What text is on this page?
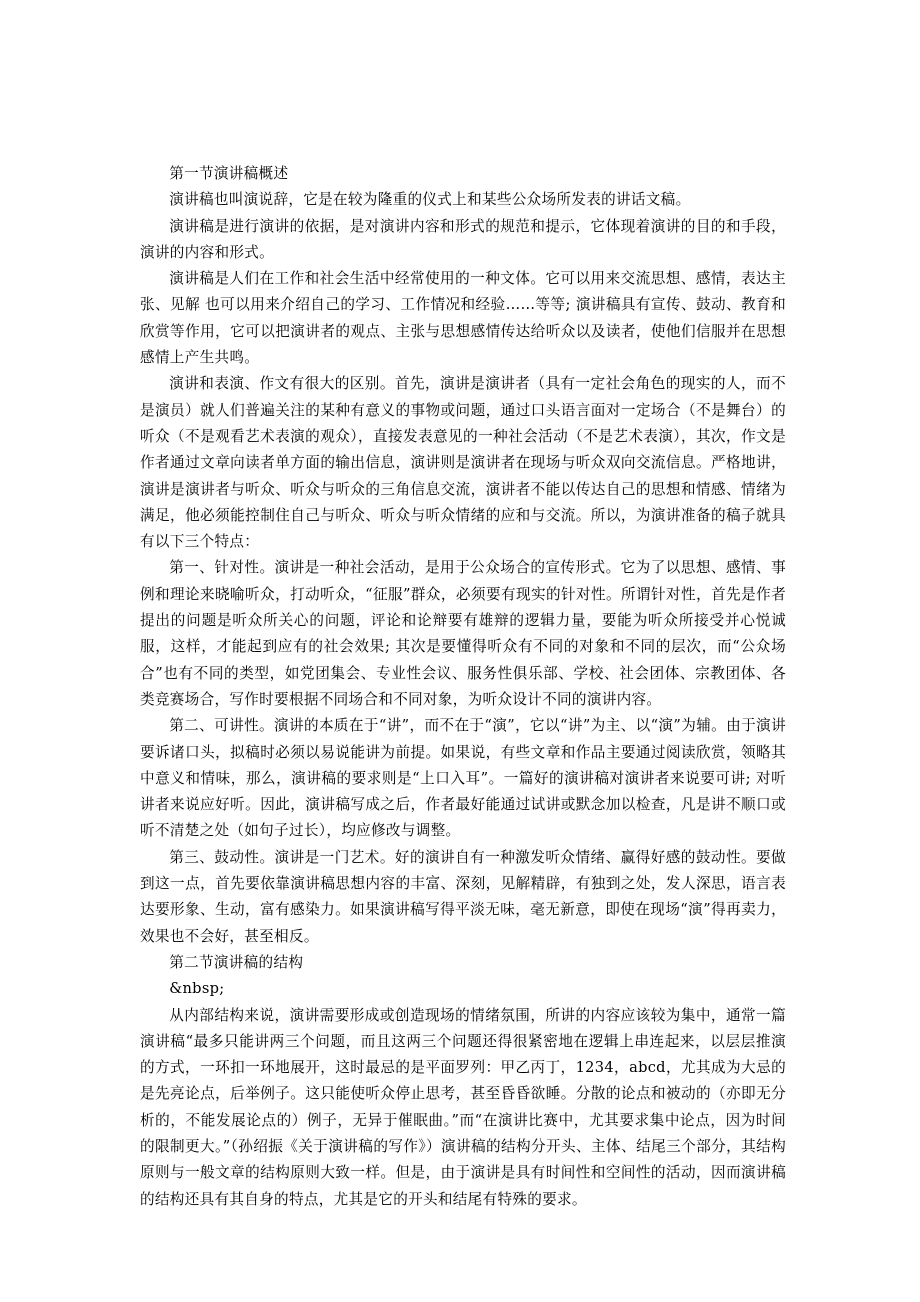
第一节演讲稿概述

演讲稿也叫演说辞，它是在较为隆重的仪式上和某些公众场所发表的讲话文稿。

演讲稿是进行演讲的依据，是对演讲内容和形式的规范和提示，它体现着演讲的目的和手段，演讲的内容和形式。

演讲稿是人们在工作和社会生活中经常使用的一种文体。它可以用来交流思想、感情，表达主张、见解 也可以用来介绍自己的学习、工作情况和经验……等等; 演讲稿具有宣传、鼓动、教育和欣赏等作用，它可以把演讲者的观点、主张与思想感情传达给听众以及读者，使他们信服并在思想感情上产生共鸣。

演讲和表演、作文有很大的区别。首先，演讲是演讲者（具有一定社会角色的现实的人，而不是演员）就人们普遍关注的某种有意义的事物或问题，通过口头语言面对一定场合（不是舞台）的听众（不是观看艺术表演的观众），直接发表意见的一种社会活动（不是艺术表演），其次，作文是作者通过文章向读者单方面的输出信息，演讲则是演讲者在现场与听众双向交流信息。严格地讲，演讲是演讲者与听众、听众与听众的三角信息交流，演讲者不能以传达自己的思想和情感、情绪为满足，他必须能控制住自己与听众、听众与听众情绪的应和与交流。所以，为演讲准备的稿子就具有以下三个特点：

第一、针对性。演讲是一种社会活动，是用于公众场合的宣传形式。它为了以思想、感情、事例和理论来晓喻听众，打动听众，“征服”群众，必须要有现实的针对性。所谓针对性，首先是作者提出的问题是听众所关心的问题，评论和论辩要有雄辩的逻辑力量，要能为听众所接受并心悦诚服，这样，才能起到应有的社会效果; 其次是要懂得听众有不同的对象和不同的层次，而“公众场合”也有不同的类型，如党团集会、专业性会议、服务性俱乐部、学校、社会团体、宗教团体、各类竞赛场合，写作时要根据不同场合和不同对象，为听众设计不同的演讲内容。

第二、可讲性。演讲的本质在于“讲”，而不在于“演”，它以“讲”为主、以“演”为辅。由于演讲要诉诸口头，拟稿时必须以易说能讲为前提。如果说，有些文章和作品主要通过阅读欣赏，领略其中意义和情味，那么，演讲稿的要求则是“上口入耳”。一篇好的演讲稿对演讲者来说要可讲; 对听讲者来说应好听。因此，演讲稿写成之后，作者最好能通过试讲或默念加以检查，凡是讲不顺口或听不清楚之处（如句子过长），均应修改与调整。

第三、鼓动性。演讲是一门艺术。好的演讲自有一种激发听众情绪、赢得好感的鼓动性。要做到这一点，首先要依靠演讲稿思想内容的丰富、深刻，见解精辟，有独到之处，发人深思，语言表达要形象、生动，富有感染力。如果演讲稿写得平淡无味，毫无新意，即使在现场“演”得再卖力，效果也不会好，甚至相反。

第二节演讲稿的结构

&nbsp;

从内部结构来说，演讲需要形成或创造现场的情绪氛围，所讲的内容应该较为集中，通常一篇演讲稿“最多只能讲两三个问题，而且这两三个问题还得很紧密地在逻辑上串连起来，以层层推演的方式，一环扣一环地展开，这时最忌的是平面罗列：甲乙丙丁，1234，abcd，尤其成为大忌的是先亮论点，后举例子。这只能使听众停止思考，甚至昏昏欲睡。分散的论点和被动的（亦即无分析的，不能发展论点的）例子，无异于催眠曲。”而“在演讲比赛中，尤其要求集中论点，因为时间的限制更大。”（孙绍振《关于演讲稿的写作》）演讲稿的结构分开头、主体、结尾三个部分，其结构原则与一般文章的结构原则大致一样。但是，由于演讲是具有时间性和空间性的活动，因而演讲稿的结构还具有其自身的特点，尤其是它的开头和结尾有特殊的要求。
